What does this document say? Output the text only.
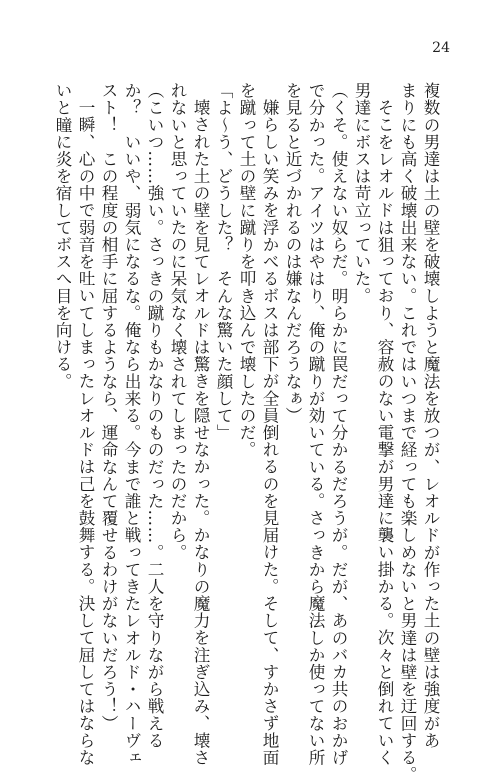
24
複数の男達は土の壁を破壊しようと魔法を放つが、レオルドが作った土の壁は強度があ
まりにも高く破壊出来ない。これではいつまで経っても楽しめないと男達は壁を迂回する。
そこをレオルドは狙っており、容赦のない電撃が男達に襲い掛かる。次々と倒れていく
男達にボスは苛立っていた。
（くそ。使えない奴らだ。明らかに罠だって分かるだろうが。だが、あのバカ共のおかげ
で分かった。アイツはやはり、俺の蹴りが効いている。さっきから魔法しか使ってない所
を見ると近づかれるのは嫌なんだろうなぁ）
嫌らしい笑みを浮かべるボスは部下が全員倒れるのを見届けた。そして、すかさず地面
を蹴って土の壁に蹴りを叩き込んで壊したのだ。
「よ～う、どうした？　そんな驚いた顔して」
壊された土の壁を見てレオルドは驚きを隠せなかった。かなりの魔力を注ぎ込み、壊さ
れないと思っていたのに呆気なく壊されてしまったのだから。
（こいつ……強い。さっきの蹴りもかなりのものだった……。二人を守りながら戦える
か？　いいや、弱気になるな。俺なら出来る。今まで誰と戦ってきたレオルド・ハーヴェ
スト！　この程度の相手に屈するようなら、運命なんて覆せるわけがないだろう！）
一瞬、心の中で弱音を吐いてしまったレオルドは己を鼓舞する。決して屈してはならな
いと瞳に炎を宿してボスへ目を向ける。
